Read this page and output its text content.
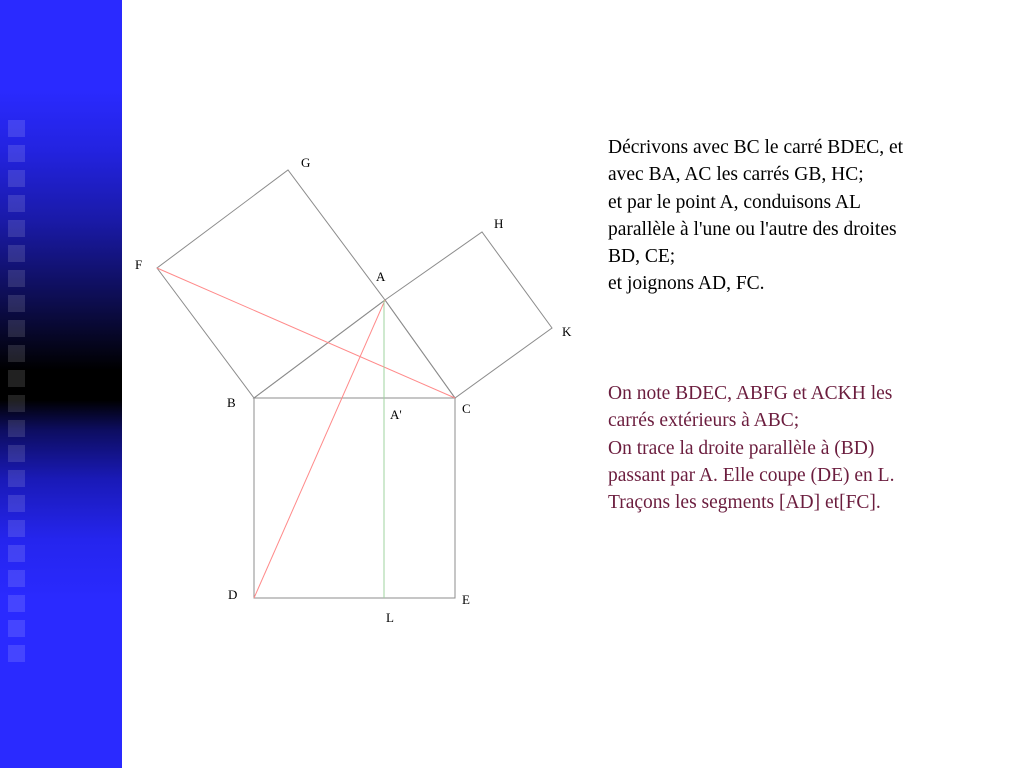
G
H
F
A
K
B	C
A'
D	E
L
Décrivons avec BC le carré BDEC, et
avec BA, AC les carrés GB, HC;
et par le point A, conduisons AL
parallèle à l'une ou l'autre des droites
BD, CE;
et joignons AD, FC.
On note BDEC, ABFG et ACKH les
carrés extérieurs à ABC;
On trace la droite parallèle à (BD)
passant par A. Elle coupe (DE) en L.
Traçons les segments [AD] et[FC].
